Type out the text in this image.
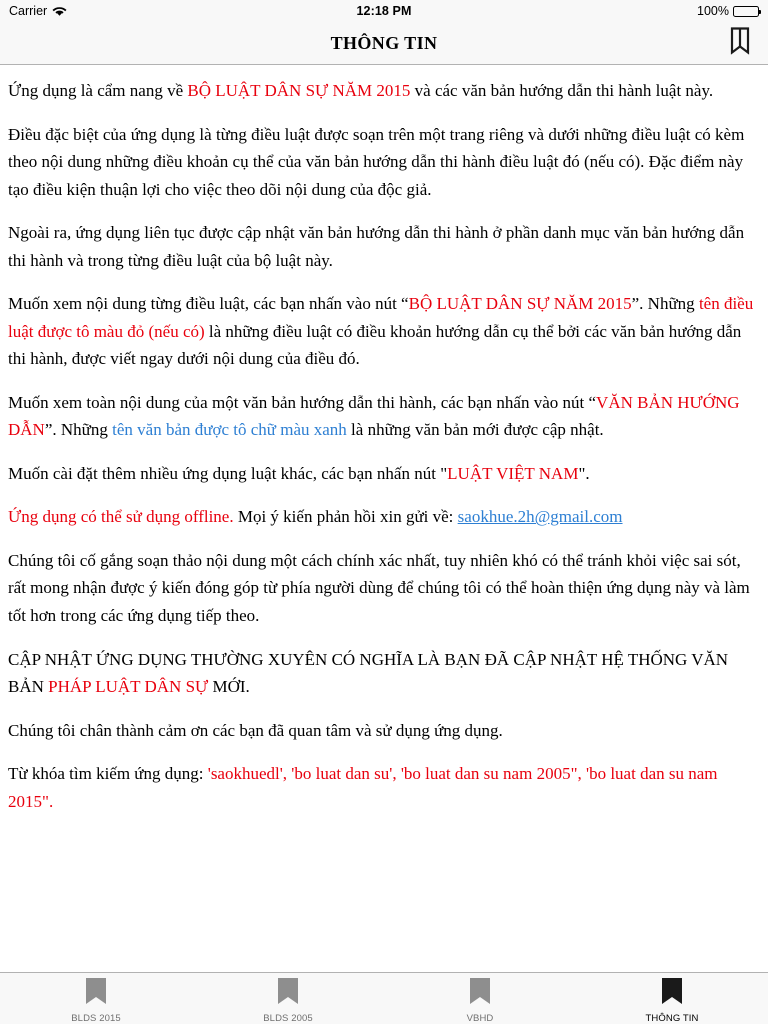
Carrier	12:18 PM	100%
THÔNG TIN

Ứng dụng là cẩm nang về BỘ LUẬT DÂN SỰ NĂM 2015 và các văn bản hướng dẫn thi hành luật này.

Điều đặc biệt của ứng dụng là từng điều luật được soạn trên một trang riêng và dưới những điều luật có kèm theo nội dung những điều khoản cụ thể của văn bản hướng dẫn thi hành điều luật đó (nếu có). Đặc điểm này tạo điều kiện thuận lợi cho việc theo dõi nội dung của độc giả.

Ngoài ra, ứng dụng liên tục được cập nhật văn bản hướng dẫn thi hành ở phần danh mục văn bản hướng dẫn thi hành và trong từng điều luật của bộ luật này.

Muốn xem nội dung từng điều luật, các bạn nhấn vào nút “BỘ LUẬT DÂN SỰ NĂM 2015”. Những tên điều luật được tô màu đỏ (nếu có) là những điều luật có điều khoản hướng dẫn cụ thể bởi các văn bản hướng dẫn thi hành, được viết ngay dưới nội dung của điều đó.

Muốn xem toàn nội dung của một văn bản hướng dẫn thi hành, các bạn nhấn vào nút “VĂN BẢN HƯỚNG DẪN”. Những tên văn bản được tô chữ màu xanh là những văn bản mới được cập nhật.

Muốn cài đặt thêm nhiều ứng dụng luật khác, các bạn nhấn nút "LUẬT VIỆT NAM".

Ứng dụng có thể sử dụng offline. Mọi ý kiến phản hồi xin gửi về: saokhue.2h@gmail.com

Chúng tôi cố gắng soạn thảo nội dung một cách chính xác nhất, tuy nhiên khó có thể tránh khỏi việc sai sót, rất mong nhận được ý kiến đóng góp từ phía người dùng để chúng tôi có thể hoàn thiện ứng dụng này và làm tốt hơn trong các ứng dụng tiếp theo.

CẬP NHẬT ỨNG DỤNG THƯỜNG XUYÊN CÓ NGHĨA LÀ BẠN ĐÃ CẬP NHẬT HỆ THỐNG VĂN BẢN PHÁP LUẬT DÂN SỰ MỚI.

Chúng tôi chân thành cảm ơn các bạn đã quan tâm và sử dụng ứng dụng.

Từ khóa tìm kiếm ứng dụng: 'saokhuedl', 'bo luat dan su', 'bo luat dan su nam 2005", 'bo luat dan su nam 2015".

BLDS 2015	BLDS 2005	VBHD	THÔNG TIN
